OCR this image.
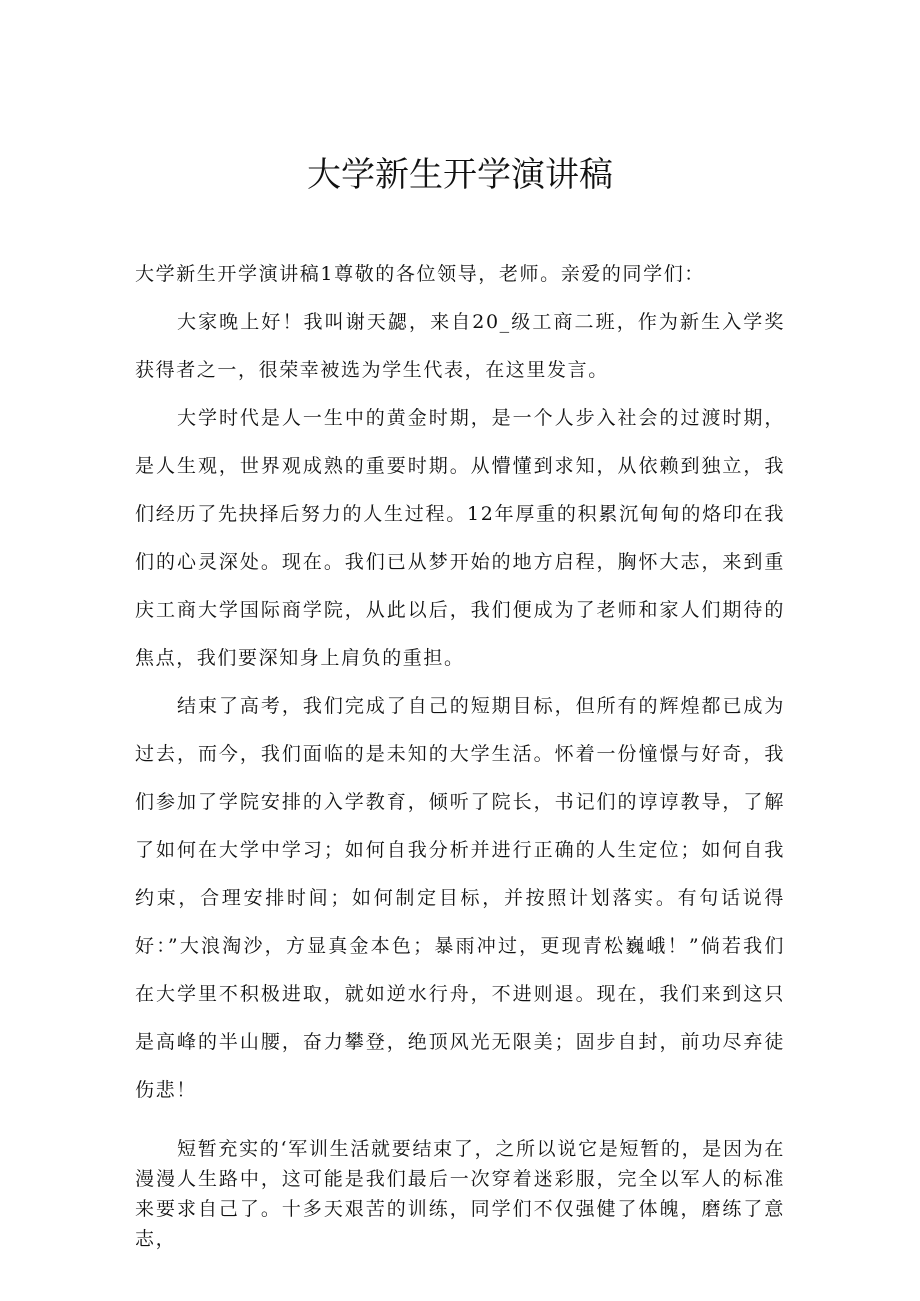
大学新生开学演讲稿

大学新生开学演讲稿1尊敬的各位领导，老师。亲爱的同学们：

大家晚上好！我叫谢天勰，来自20_级工商二班，作为新生入学奖获得者之一，很荣幸被选为学生代表，在这里发言。

大学时代是人一生中的黄金时期，是一个人步入社会的过渡时期，是人生观，世界观成熟的重要时期。从懵懂到求知，从依赖到独立，我们经历了先抉择后努力的人生过程。12年厚重的积累沉甸甸的烙印在我们的心灵深处。现在。我们已从梦开始的地方启程，胸怀大志，来到重庆工商大学国际商学院，从此以后，我们便成为了老师和家人们期待的焦点，我们要深知身上肩负的重担。

结束了高考，我们完成了自己的短期目标，但所有的辉煌都已成为过去，而今，我们面临的是未知的大学生活。怀着一份憧憬与好奇，我们参加了学院安排的入学教育，倾听了院长，书记们的谆谆教导，了解了如何在大学中学习；如何自我分析并进行正确的人生定位；如何自我约束，合理安排时间；如何制定目标，并按照计划落实。有句话说得好：”大浪淘沙，方显真金本色；暴雨冲过，更现青松巍峨！”倘若我们在大学里不积极进取，就如逆水行舟，不进则退。现在，我们来到这只是高峰的半山腰，奋力攀登，绝顶风光无限美；固步自封，前功尽弃徒伤悲！

短暂充实的‘军训生活就要结束了，之所以说它是短暂的，是因为在漫漫人生路中，这可能是我们最后一次穿着迷彩服，完全以军人的标准来要求自己了。十多天艰苦的训练，同学们不仅强健了体魄，磨练了意志，
